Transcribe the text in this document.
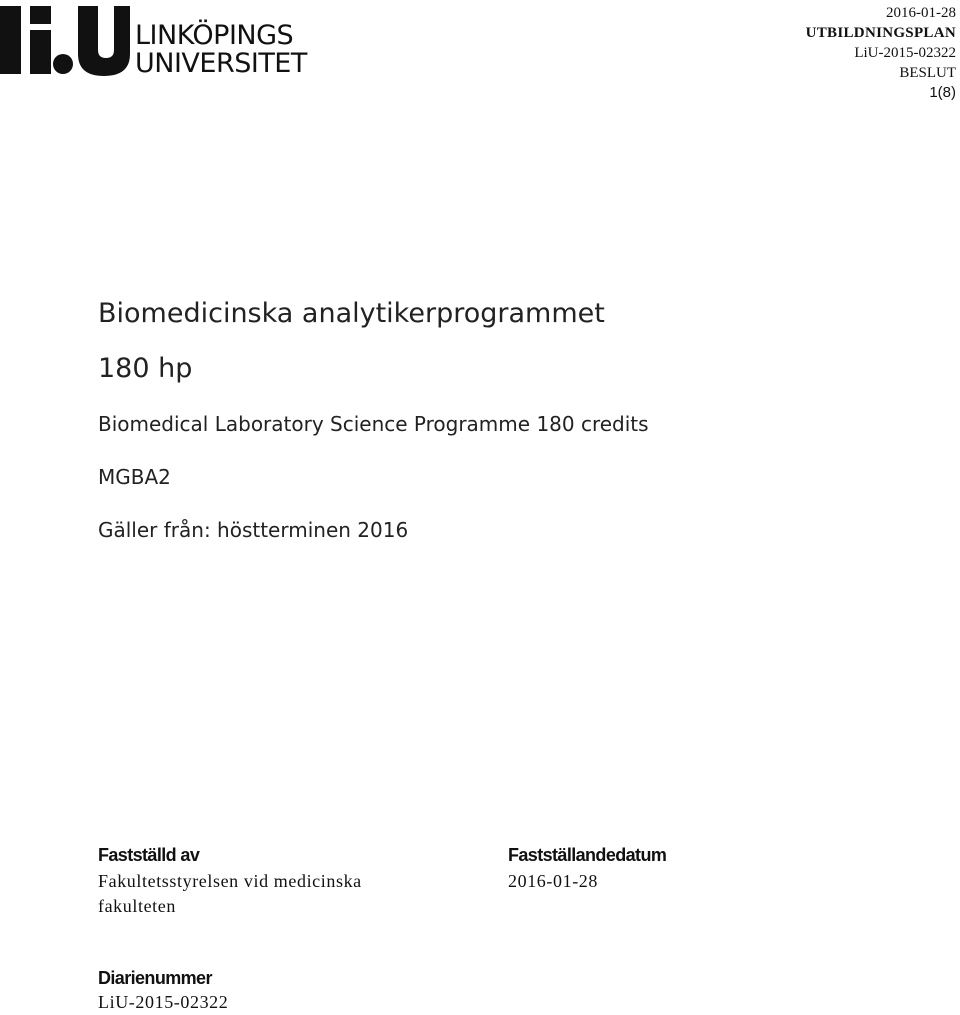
LINKÖPINGS
UNIVERSITET
2016-01-28
UTBILDNINGSPLAN
LiU-2015-02322
BESLUT
1(8)
Biomedicinska analytikerprogrammet
180 hp
Biomedical Laboratory Science Programme 180 credits
MGBA2
Gäller från: höstterminen 2016
Fastställd av
Fakultetsstyrelsen vid medicinska
fakulteten
Fastställandedatum
2016-01-28
Diarienummer
LiU-2015-02322
